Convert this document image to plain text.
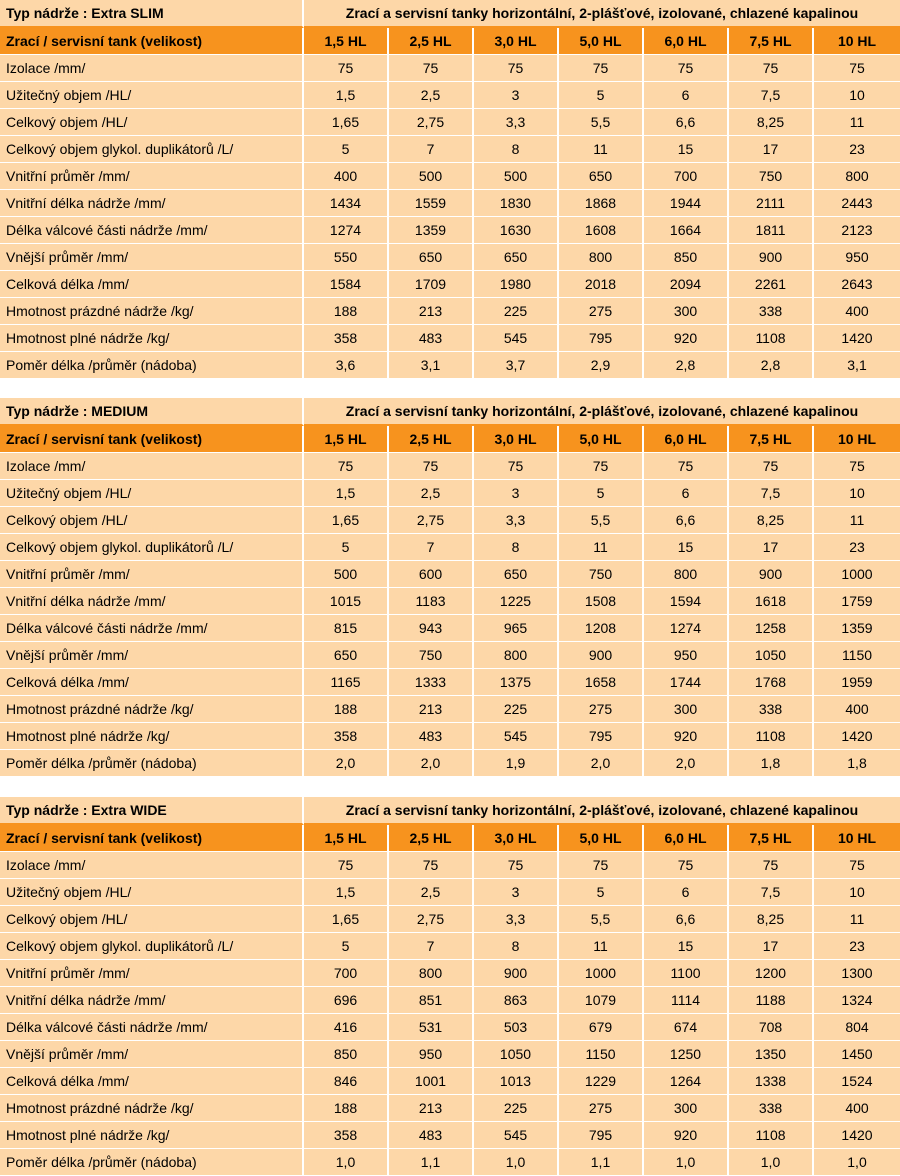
Typ nádrže : Extra SLIM	Zrací a servisní tanky horizontální, 2-plášťové, izolované, chlazené kapalinou						
Zrací / servisní tank (velikost)	1,5 HL	2,5 HL	3,0 HL	5,0 HL	6,0 HL	7,5 HL	10 HL
Izolace /mm/	75	75	75	75	75	75	75
Užitečný objem /HL/	1,5	2,5	3	5	6	7,5	10
Celkový objem /HL/	1,65	2,75	3,3	5,5	6,6	8,25	11
Celkový objem glykol. duplikátorů /L/	5	7	8	11	15	17	23
Vnitřní průměr /mm/	400	500	500	650	700	750	800
Vnitřní délka nádrže /mm/	1434	1559	1830	1868	1944	2111	2443
Délka válcové části nádrže /mm/	1274	1359	1630	1608	1664	1811	2123
Vnější průměr /mm/	550	650	650	800	850	900	950
Celková délka /mm/	1584	1709	1980	2018	2094	2261	2643
Hmotnost prázdné nádrže /kg/	188	213	225	275	300	338	400
Hmotnost plné nádrže /kg/	358	483	545	795	920	1108	1420
Poměr délka /průměr (nádoba)	3,6	3,1	3,7	2,9	2,8	2,8	3,1
Typ nádrže : MEDIUM	Zrací a servisní tanky horizontální, 2-plášťové, izolované, chlazené kapalinou						
Zrací / servisní tank (velikost)	1,5 HL	2,5 HL	3,0 HL	5,0 HL	6,0 HL	7,5 HL	10 HL
Izolace /mm/	75	75	75	75	75	75	75
Užitečný objem /HL/	1,5	2,5	3	5	6	7,5	10
Celkový objem /HL/	1,65	2,75	3,3	5,5	6,6	8,25	11
Celkový objem glykol. duplikátorů /L/	5	7	8	11	15	17	23
Vnitřní průměr /mm/	500	600	650	750	800	900	1000
Vnitřní délka nádrže /mm/	1015	1183	1225	1508	1594	1618	1759
Délka válcové části nádrže /mm/	815	943	965	1208	1274	1258	1359
Vnější průměr /mm/	650	750	800	900	950	1050	1150
Celková délka /mm/	1165	1333	1375	1658	1744	1768	1959
Hmotnost prázdné nádrže /kg/	188	213	225	275	300	338	400
Hmotnost plné nádrže /kg/	358	483	545	795	920	1108	1420
Poměr délka /průměr (nádoba)	2,0	2,0	1,9	2,0	2,0	1,8	1,8
Typ nádrže : Extra WIDE	Zrací a servisní tanky horizontální, 2-plášťové, izolované, chlazené kapalinou						
Zrací / servisní tank (velikost)	1,5 HL	2,5 HL	3,0 HL	5,0 HL	6,0 HL	7,5 HL	10 HL
Izolace /mm/	75	75	75	75	75	75	75
Užitečný objem /HL/	1,5	2,5	3	5	6	7,5	10
Celkový objem /HL/	1,65	2,75	3,3	5,5	6,6	8,25	11
Celkový objem glykol. duplikátorů /L/	5	7	8	11	15	17	23
Vnitřní průměr /mm/	700	800	900	1000	1100	1200	1300
Vnitřní délka nádrže /mm/	696	851	863	1079	1114	1188	1324
Délka válcové části nádrže /mm/	416	531	503	679	674	708	804
Vnější průměr /mm/	850	950	1050	1150	1250	1350	1450
Celková délka /mm/	846	1001	1013	1229	1264	1338	1524
Hmotnost prázdné nádrže /kg/	188	213	225	275	300	338	400
Hmotnost plné nádrže /kg/	358	483	545	795	920	1108	1420
Poměr délka /průměr (nádoba)	1,0	1,1	1,0	1,1	1,0	1,0	1,0
